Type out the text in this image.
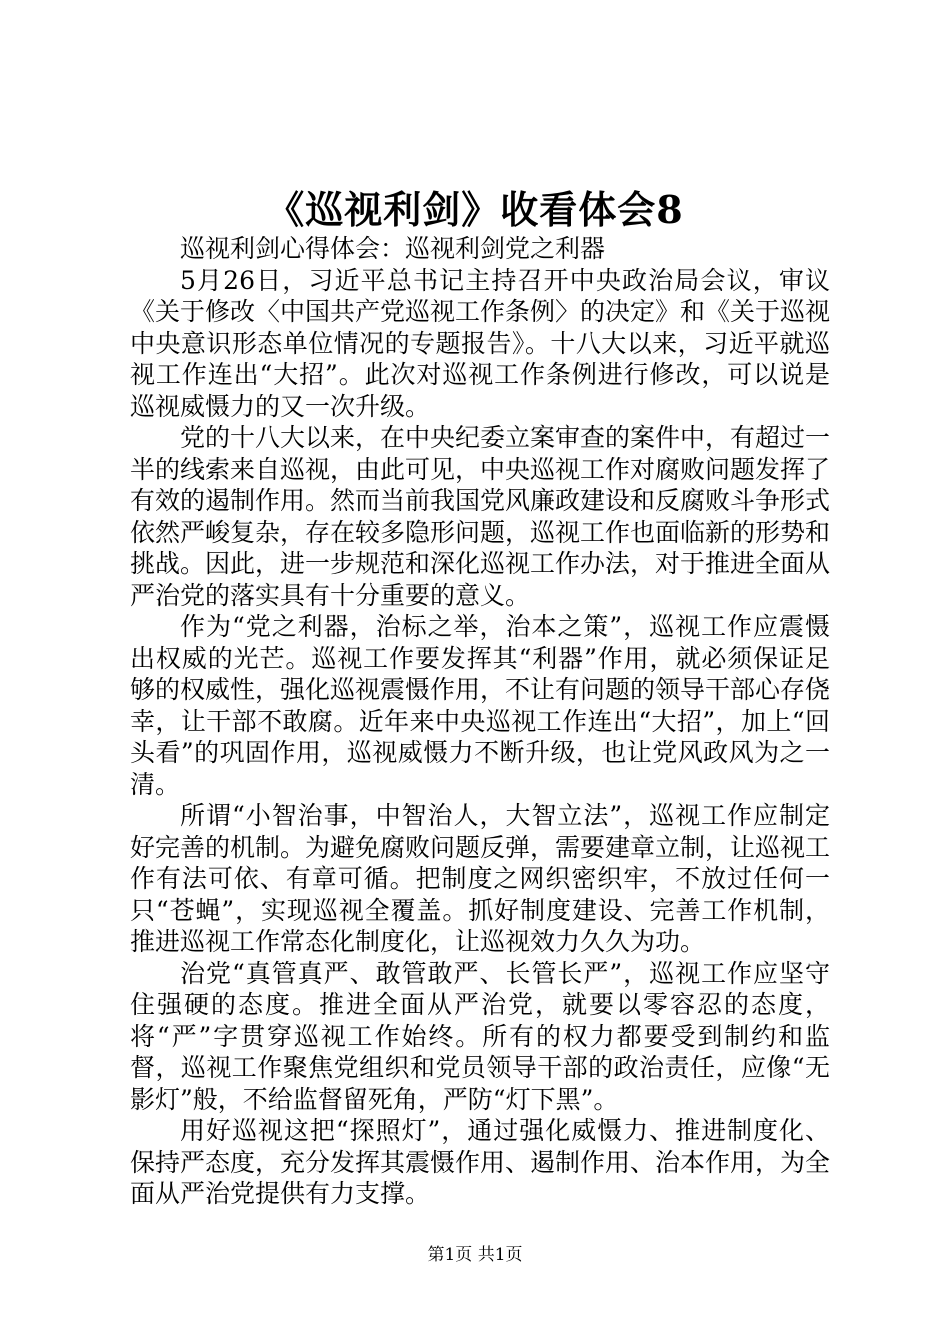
《巡视利剑》收看体会8

巡视利剑心得体会：巡视利剑党之利器

5月26日，习近平总书记主持召开中央政治局会议，审议《关于修改〈中国共产党巡视工作条例〉的决定》和《关于巡视中央意识形态单位情况的专题报告》。十八大以来，习近平就巡视工作连出“大招”。此次对巡视工作条例进行修改，可以说是巡视威慑力的又一次升级。

党的十八大以来，在中央纪委立案审查的案件中，有超过一半的线索来自巡视，由此可见，中央巡视工作对腐败问题发挥了有效的遏制作用。然而当前我国党风廉政建设和反腐败斗争形式依然严峻复杂，存在较多隐形问题，巡视工作也面临新的形势和挑战。因此，进一步规范和深化巡视工作办法，对于推进全面从严治党的落实具有十分重要的意义。

作为“党之利器，治标之举，治本之策”，巡视工作应震慑出权威的光芒。巡视工作要发挥其“利器”作用，就必须保证足够的权威性，强化巡视震慑作用，不让有问题的领导干部心存侥幸，让干部不敢腐。近年来中央巡视工作连出“大招”，加上“回头看”的巩固作用，巡视威慑力不断升级，也让党风政风为之一清。

所谓“小智治事，中智治人，大智立法”，巡视工作应制定好完善的机制。为避免腐败问题反弹，需要建章立制，让巡视工作有法可依、有章可循。把制度之网织密织牢，不放过任何一只“苍蝇”，实现巡视全覆盖。抓好制度建设、完善工作机制，推进巡视工作常态化制度化，让巡视效力久久为功。

治党“真管真严、敢管敢严、长管长严”，巡视工作应坚守住强硬的态度。推进全面从严治党，就要以零容忍的态度，将“严”字贯穿巡视工作始终。所有的权力都要受到制约和监督，巡视工作聚焦党组织和党员领导干部的政治责任，应像“无影灯”般，不给监督留死角，严防“灯下黑”。

用好巡视这把“探照灯”，通过强化威慑力、推进制度化、保持严态度，充分发挥其震慑作用、遏制作用、治本作用，为全面从严治党提供有力支撑。

第1页 共1页
